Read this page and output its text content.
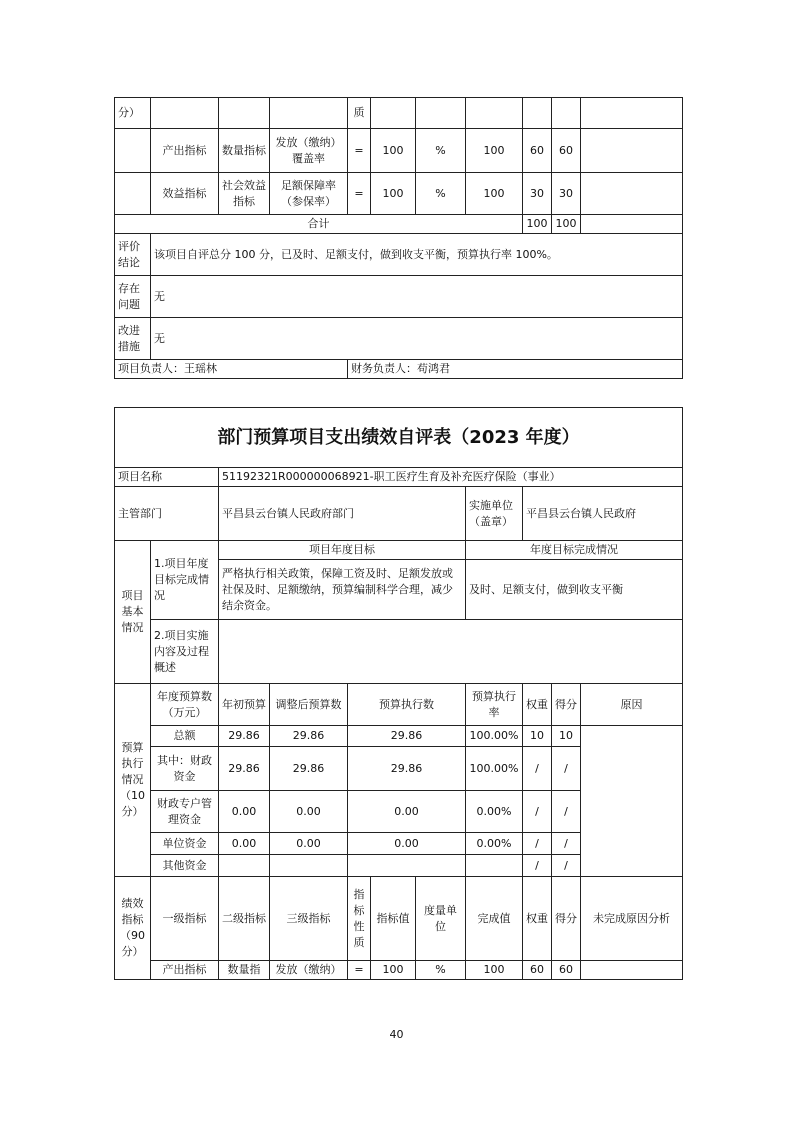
分）				质						
	产出指标	数量指标	发放（缴纳）覆盖率	=	100	%	100	60	60	
	效益指标	社会效益指标	足额保障率（参保率）	=	100	%	100	30	30	
合计								100	100	
评价结论	该项目自评总分 100 分，已及时、足额支付，做到收支平衡，预算执行率 100%。									
存在问题	无									
改进措施	无									
项目负责人：王瑶林				财务负责人：苟鸿君						
部门预算项目支出绩效自评表（2023 年度）										
项目名称		51192321R000000068921-职工医疗生育及补充医疗保险（事业）								
主管部门		平昌县云台镇人民政府部门					实施单位（盖章）	平昌县云台镇人民政府		
项目基本情况	1.项目年度目标完成情况	项目年度目标					年度目标完成情况			
		严格执行相关政策，保障工资及时、足额发放或社保及时、足额缴纳，预算编制科学合理，减少结余资金。					及时、足额支付，做到收支平衡			
	2.项目实施内容及过程概述									
预算执行情况（10分）	年度预算数（万元）	年初预算	调整后预算数	预算执行数			预算执行率	权重	得分	原因
	总额	29.86	29.86	29.86			100.00%	10	10	
	其中：财政资金	29.86	29.86	29.86			100.00%	/	/	
	财政专户管理资金	0.00	0.00	0.00			0.00%	/	/	
	单位资金	0.00	0.00	0.00			0.00%	/	/	
	其他资金							/	/	
绩效指标（90分）	一级指标	二级指标	三级指标	指标性质	指标值	度量单位	完成值	权重	得分	未完成原因分析
	产出指标	数量指	发放（缴纳）	=	100	%	100	60	60	
40
